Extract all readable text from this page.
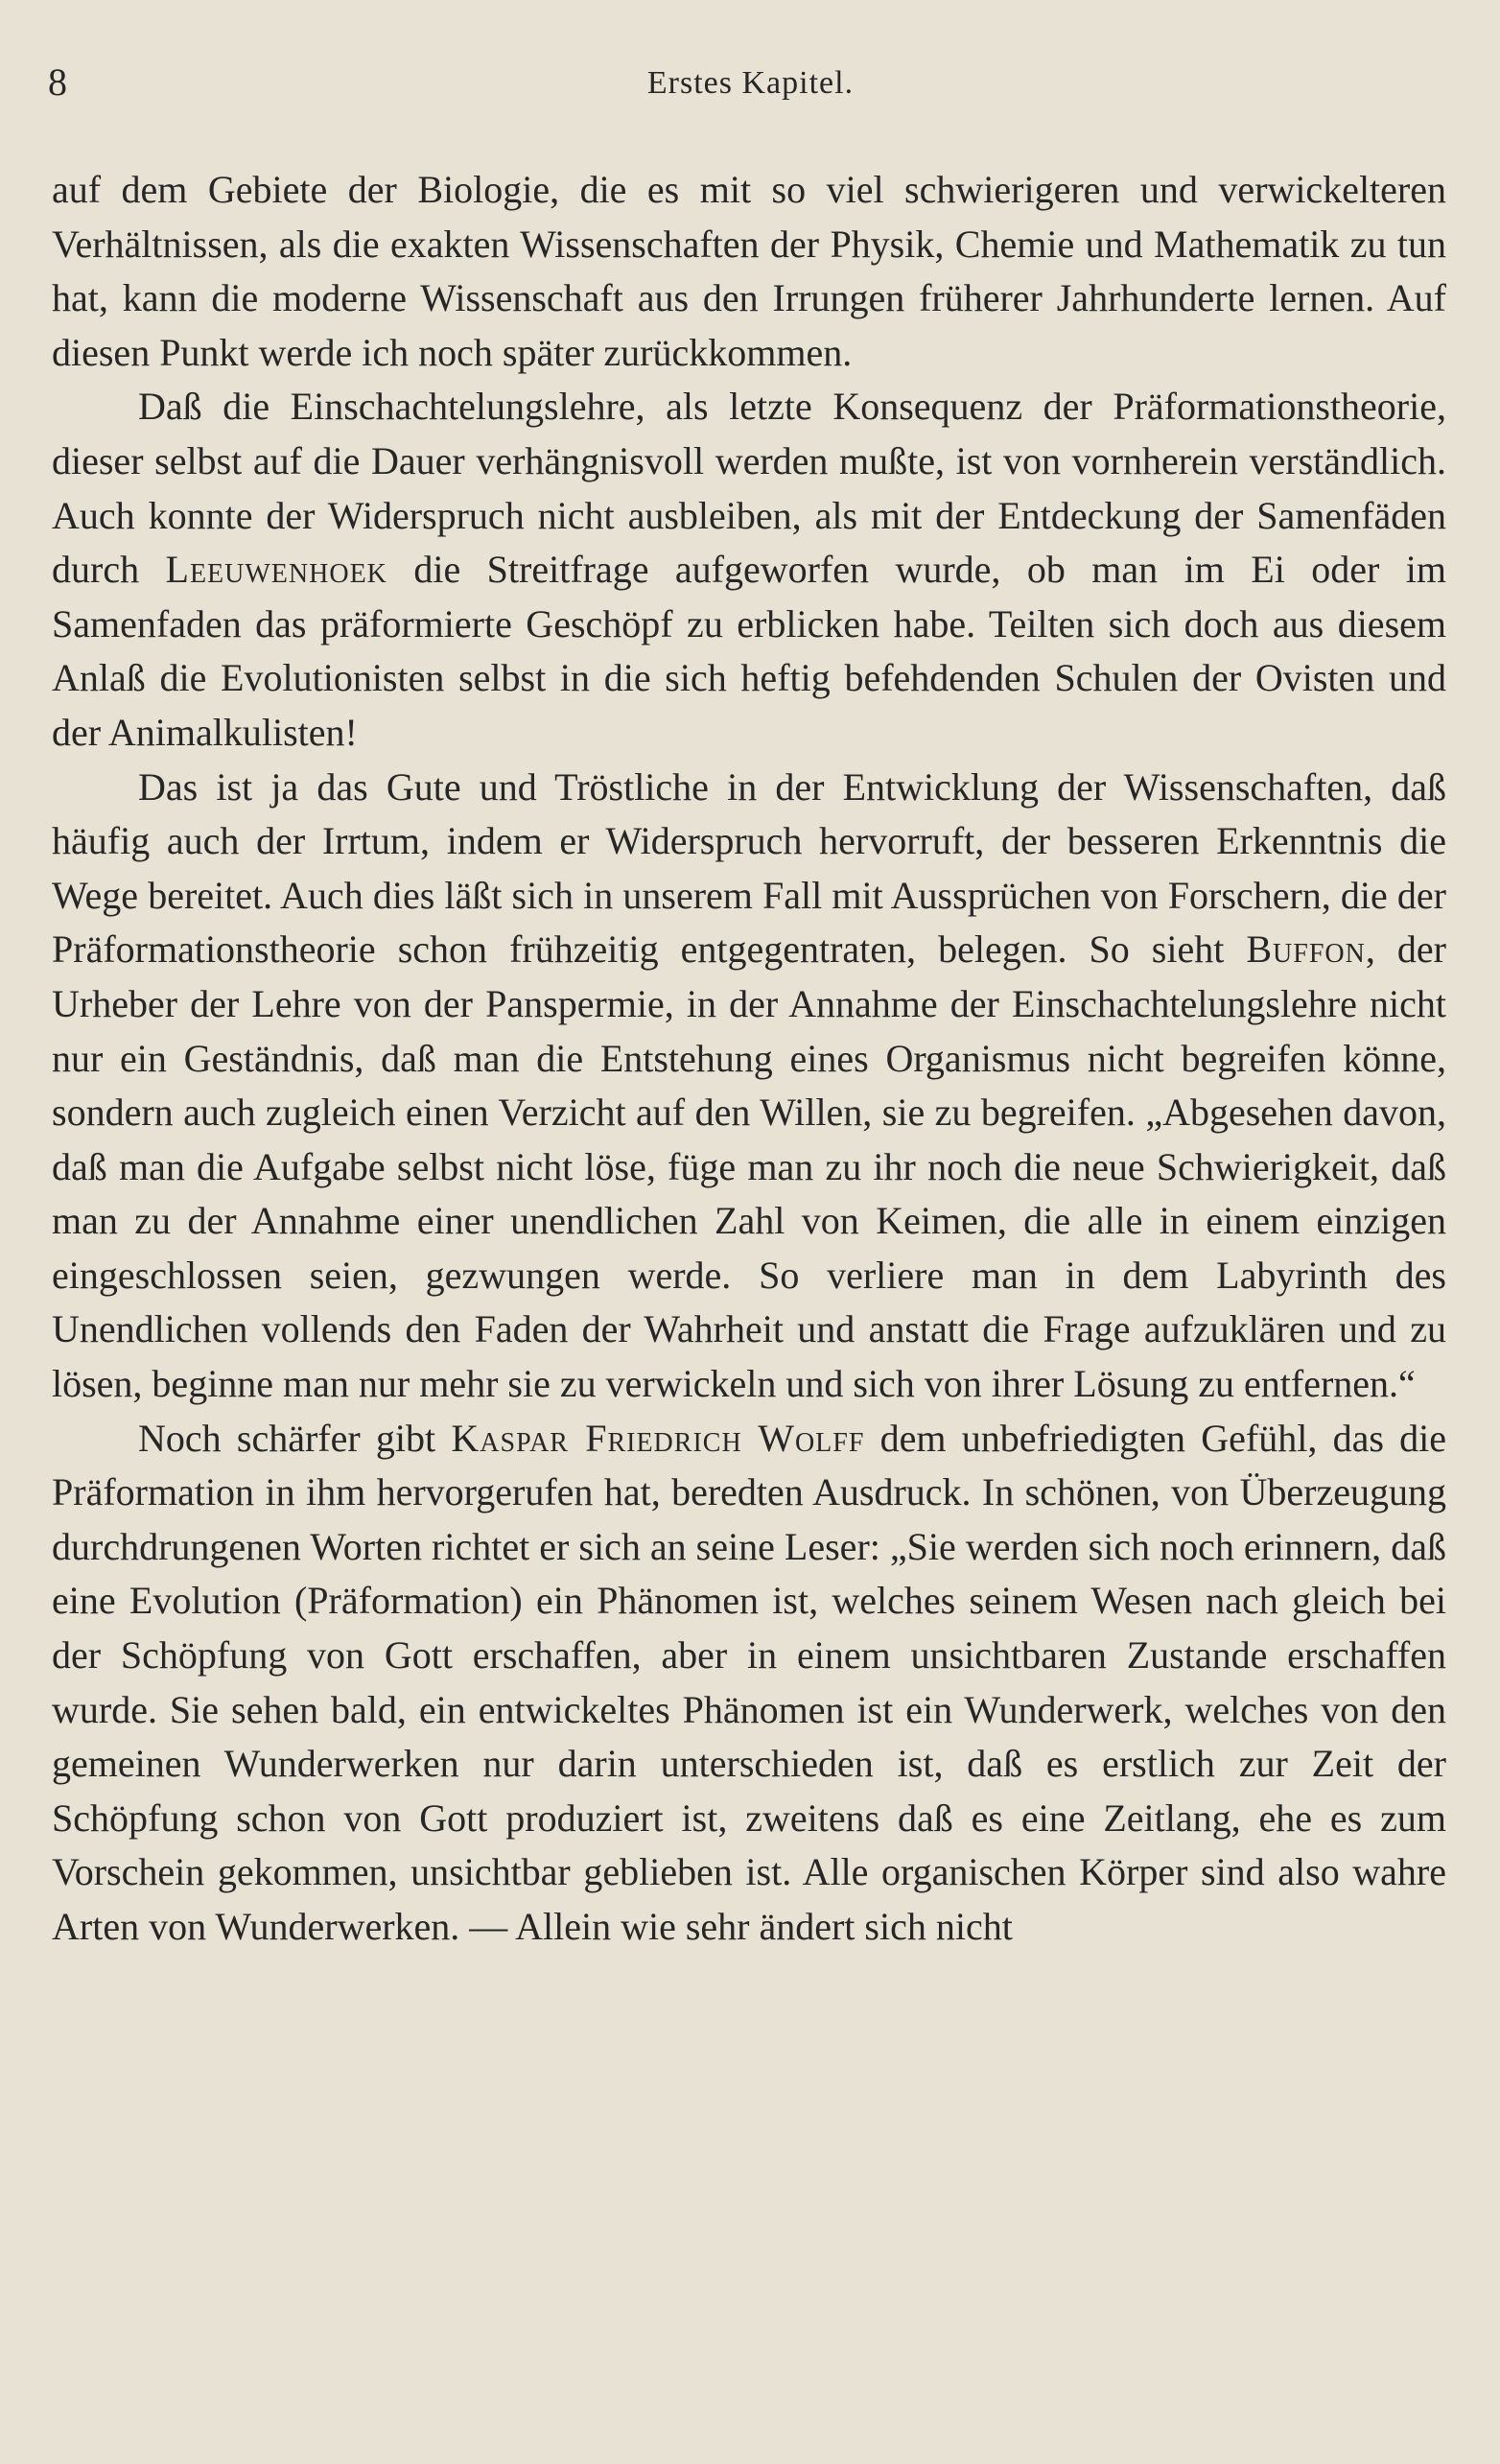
8	Erstes Kapitel.

auf dem Gebiete der Biologie, die es mit so viel schwierigeren und verwickelteren Verhältnissen, als die exakten Wissenschaften der Physik, Chemie und Mathematik zu tun hat, kann die moderne Wissenschaft aus den Irrungen früherer Jahrhunderte lernen. Auf diesen Punkt werde ich noch später zurückkommen.

Daß die Einschachtelungslehre, als letzte Konsequenz der Präformationstheorie, dieser selbst auf die Dauer verhängnisvoll werden mußte, ist von vornherein verständlich. Auch konnte der Widerspruch nicht ausbleiben, als mit der Entdeckung der Samenfäden durch Leeuwenhoek die Streitfrage aufgeworfen wurde, ob man im Ei oder im Samenfaden das präformierte Geschöpf zu erblicken habe. Teilten sich doch aus diesem Anlaß die Evolutionisten selbst in die sich heftig befehdenden Schulen der Ovisten und der Animalkulisten!

Das ist ja das Gute und Tröstliche in der Entwicklung der Wissenschaften, daß häufig auch der Irrtum, indem er Widerspruch hervorruft, der besseren Erkenntnis die Wege bereitet. Auch dies läßt sich in unserem Fall mit Aussprüchen von Forschern, die der Präformationstheorie schon frühzeitig entgegentraten, belegen. So sieht Buffon, der Urheber der Lehre von der Panspermie, in der Annahme der Einschachtelungslehre nicht nur ein Geständnis, daß man die Entstehung eines Organismus nicht begreifen könne, sondern auch zugleich einen Verzicht auf den Willen, sie zu begreifen. „Abgesehen davon, daß man die Aufgabe selbst nicht löse, füge man zu ihr noch die neue Schwierigkeit, daß man zu der Annahme einer unendlichen Zahl von Keimen, die alle in einem einzigen eingeschlossen seien, gezwungen werde. So verliere man in dem Labyrinth des Unendlichen vollends den Faden der Wahrheit und anstatt die Frage aufzuklären und zu lösen, beginne man nur mehr sie zu verwickeln und sich von ihrer Lösung zu entfernen.“

Noch schärfer gibt Kaspar Friedrich Wolff dem unbefriedigten Gefühl, das die Präformation in ihm hervorgerufen hat, beredten Ausdruck. In schönen, von Überzeugung durchdrungenen Worten richtet er sich an seine Leser: „Sie werden sich noch erinnern, daß eine Evolution (Präformation) ein Phänomen ist, welches seinem Wesen nach gleich bei der Schöpfung von Gott erschaffen, aber in einem unsichtbaren Zustande erschaffen wurde. Sie sehen bald, ein entwickeltes Phänomen ist ein Wunderwerk, welches von den gemeinen Wunderwerken nur darin unterschieden ist, daß es erstlich zur Zeit der Schöpfung schon von Gott produziert ist, zweitens daß es eine Zeitlang, ehe es zum Vorschein gekommen, unsichtbar geblieben ist. Alle organischen Körper sind also wahre Arten von Wunderwerken. — Allein wie sehr ändert sich nicht
